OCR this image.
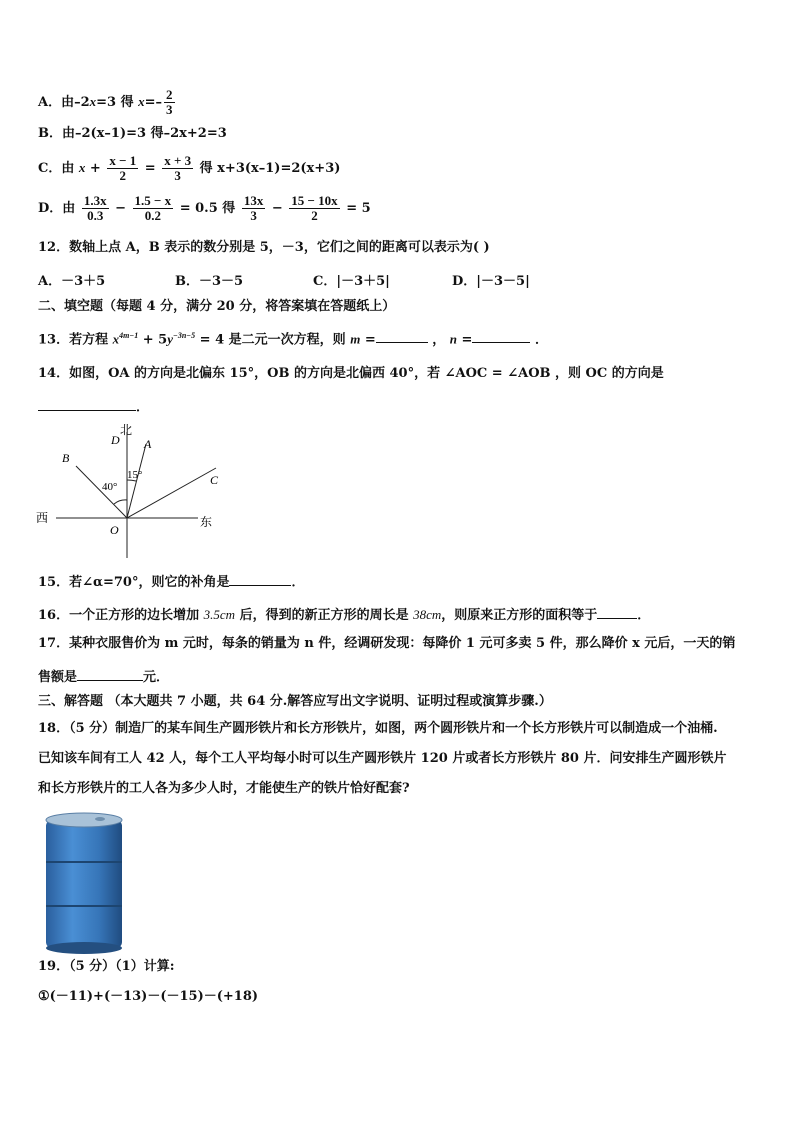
A．由–2x=3 得 $x=- \frac{2}{3}$
B．由–2(x–1)=3 得–2x+2=3
C．由 $x + \frac{x - 1}{2} = \frac{x + 3}{3}$ 得 x+3(x–1)=2(x+3)
D．由 $\frac{1.3x}{0.3} - \frac{1.5 - x}{0.2} = 0.5$ 得 $\frac{13x}{3} - \frac{15 - 10x}{2} = 5$
12．数轴上点 A，B 表示的数分别是 5，－3，它们之间的距离可以表示为( )
A．－3＋5	B．－3－5	C．|－3＋5|	D．|－3－5|
二、填空题（每题 4 分，满分 20 分，将答案填在答题纸上）
13．若方程 $x^{4m-1} + 5y^{-3n-5} = 4$ 是二元一次方程，则 m =	， n =	．
14．如图，OA 的方向是北偏东 15°，OB 的方向是北偏西 40°，若 ∠AOC = ∠AOB ，则 OC 的方向是
．
北
D A
B
C
O
西	东
40°
15°
15．若∠α=70°，则它的补角是	．
16．一个正方形的边长增加 3.5cm 后，得到的新正方形的周长是 38cm，则原来正方形的面积等于	．
17．某种衣服售价为 m 元时，每条的销量为 n 件，经调研发现：每降价 1 元可多卖 5 件，那么降价 x 元后，一天的销
售额是	元．
三、解答题 （本大题共 7 小题，共 64 分.解答应写出文字说明、证明过程或演算步骤.）
18．（5 分）制造厂的某车间生产圆形铁片和长方形铁片，如图，两个圆形铁片和一个长方形铁片可以制造成一个油桶.
已知该车间有工人 42 人，每个工人平均每小时可以生产圆形铁片 120 片或者长方形铁片 80 片．问安排生产圆形铁片
和长方形铁片的工人各为多少人时，才能使生产的铁片恰好配套?
19．（5 分）（1）计算:
①(－11)+(－13)－(－15)－(+18)
